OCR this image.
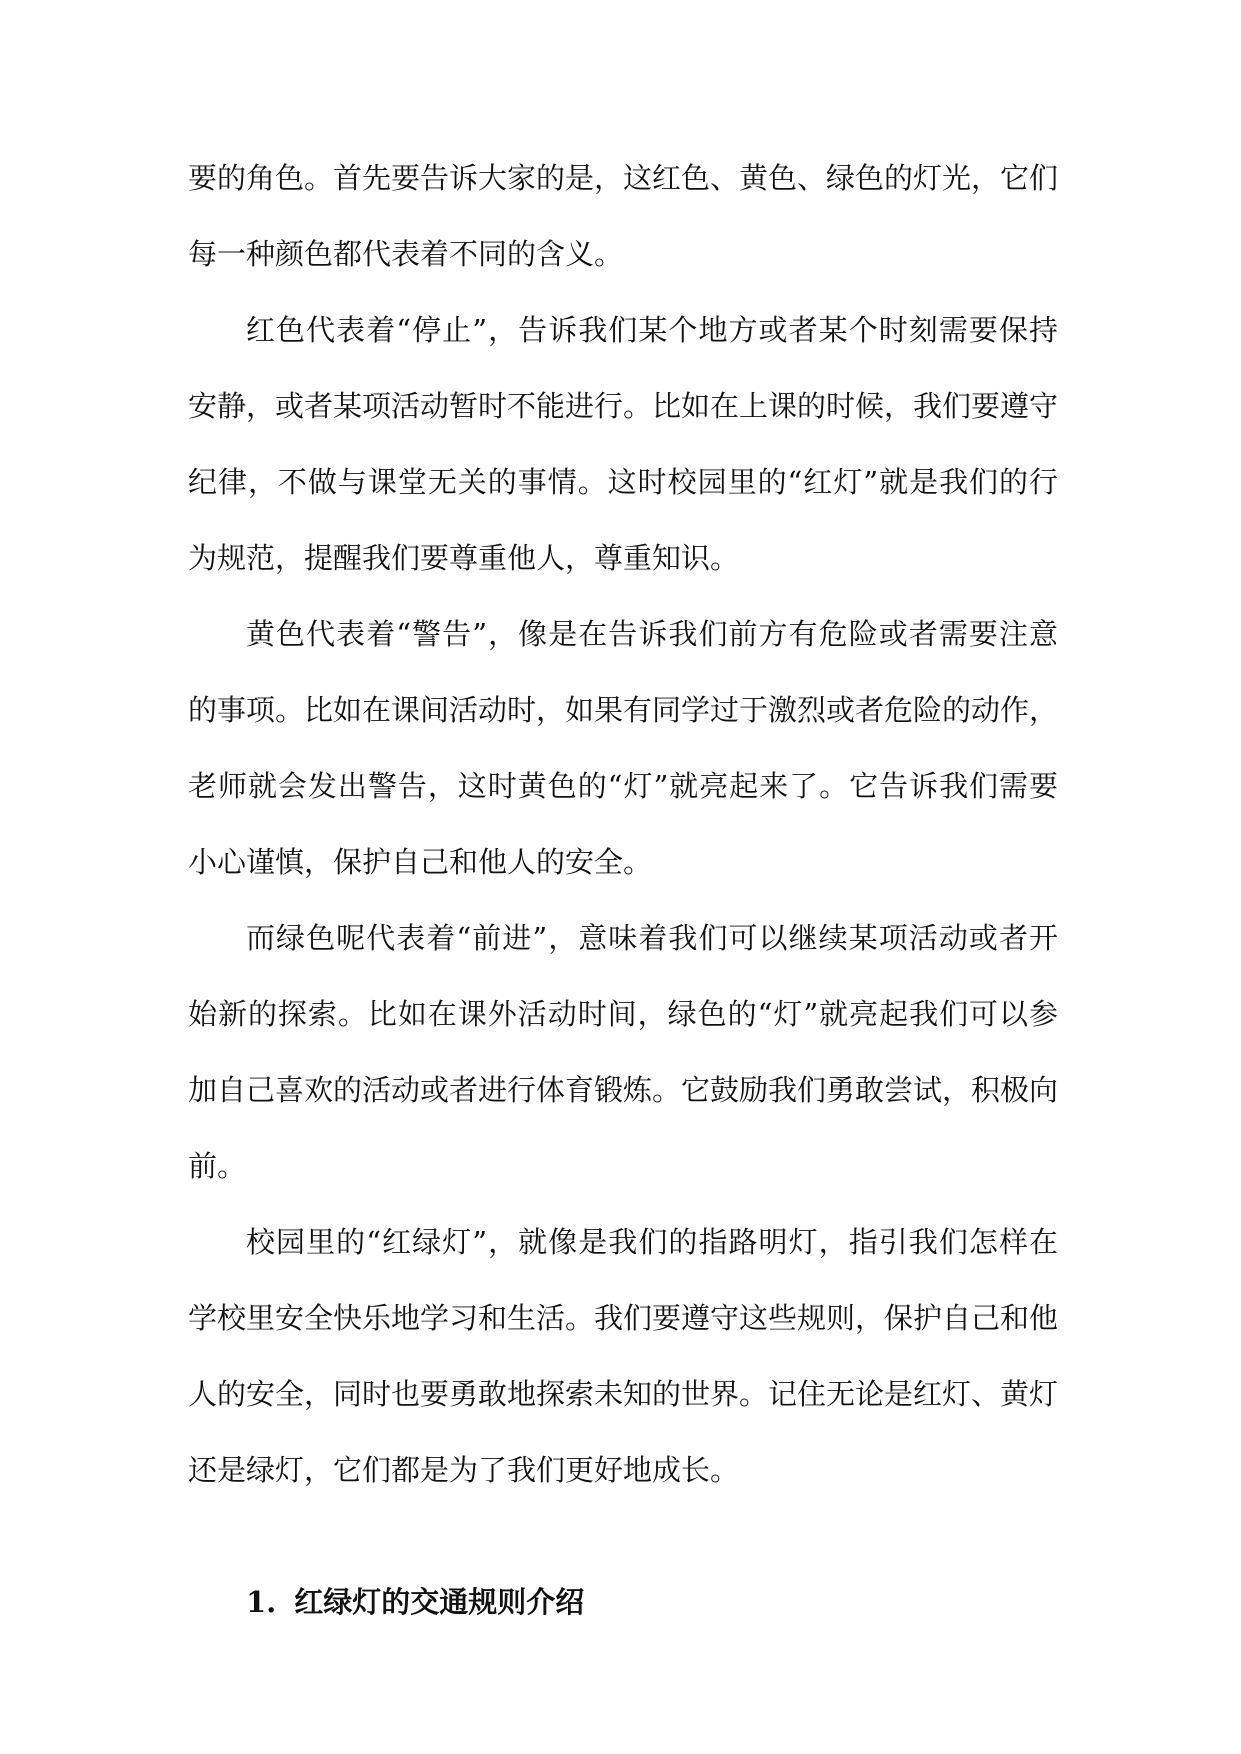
要的角色。首先要告诉大家的是，这红色、黄色、绿色的灯光，它们每一种颜色都代表着不同的含义。

红色代表着“停止”，告诉我们某个地方或者某个时刻需要保持安静，或者某项活动暂时不能进行。比如在上课的时候，我们要遵守纪律，不做与课堂无关的事情。这时校园里的“红灯”就是我们的行为规范，提醒我们要尊重他人，尊重知识。

黄色代表着“警告”，像是在告诉我们前方有危险或者需要注意的事项。比如在课间活动时，如果有同学过于激烈或者危险的动作，老师就会发出警告，这时黄色的“灯”就亮起来了。它告诉我们需要小心谨慎，保护自己和他人的安全。

而绿色呢代表着“前进”，意味着我们可以继续某项活动或者开始新的探索。比如在课外活动时间，绿色的“灯”就亮起我们可以参加自己喜欢的活动或者进行体育锻炼。它鼓励我们勇敢尝试，积极向前。

校园里的“红绿灯”，就像是我们的指路明灯，指引我们怎样在学校里安全快乐地学习和生活。我们要遵守这些规则，保护自己和他人的安全，同时也要勇敢地探索未知的世界。记住无论是红灯、黄灯还是绿灯，它们都是为了我们更好地成长。

1. 红绿灯的交通规则介绍
